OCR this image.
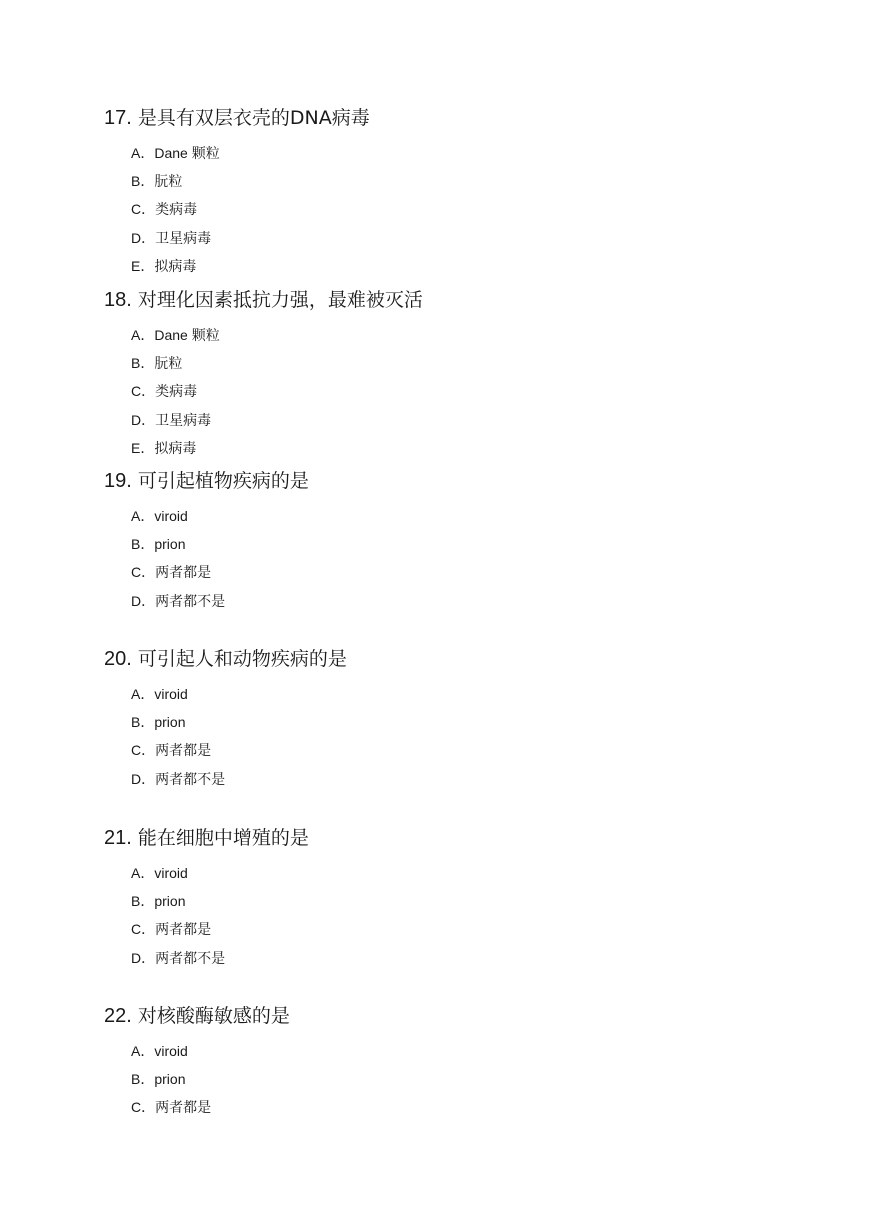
17. 是具有双层衣壳的DNA病毒
A．Dane 颗粒
B．朊粒
C．类病毒
D．卫星病毒
E．拟病毒
18. 对理化因素抵抗力强，最难被灭活
A．Dane 颗粒
B．朊粒
C．类病毒
D．卫星病毒
E．拟病毒
19. 可引起植物疾病的是
A．viroid
B．prion
C．两者都是
D．两者都不是
20. 可引起人和动物疾病的是
A．viroid
B．prion
C．两者都是
D．两者都不是
21. 能在细胞中增殖的是
A．viroid
B．prion
C．两者都是
D．两者都不是
22. 对核酸酶敏感的是
A．viroid
B．prion
C．两者都是
